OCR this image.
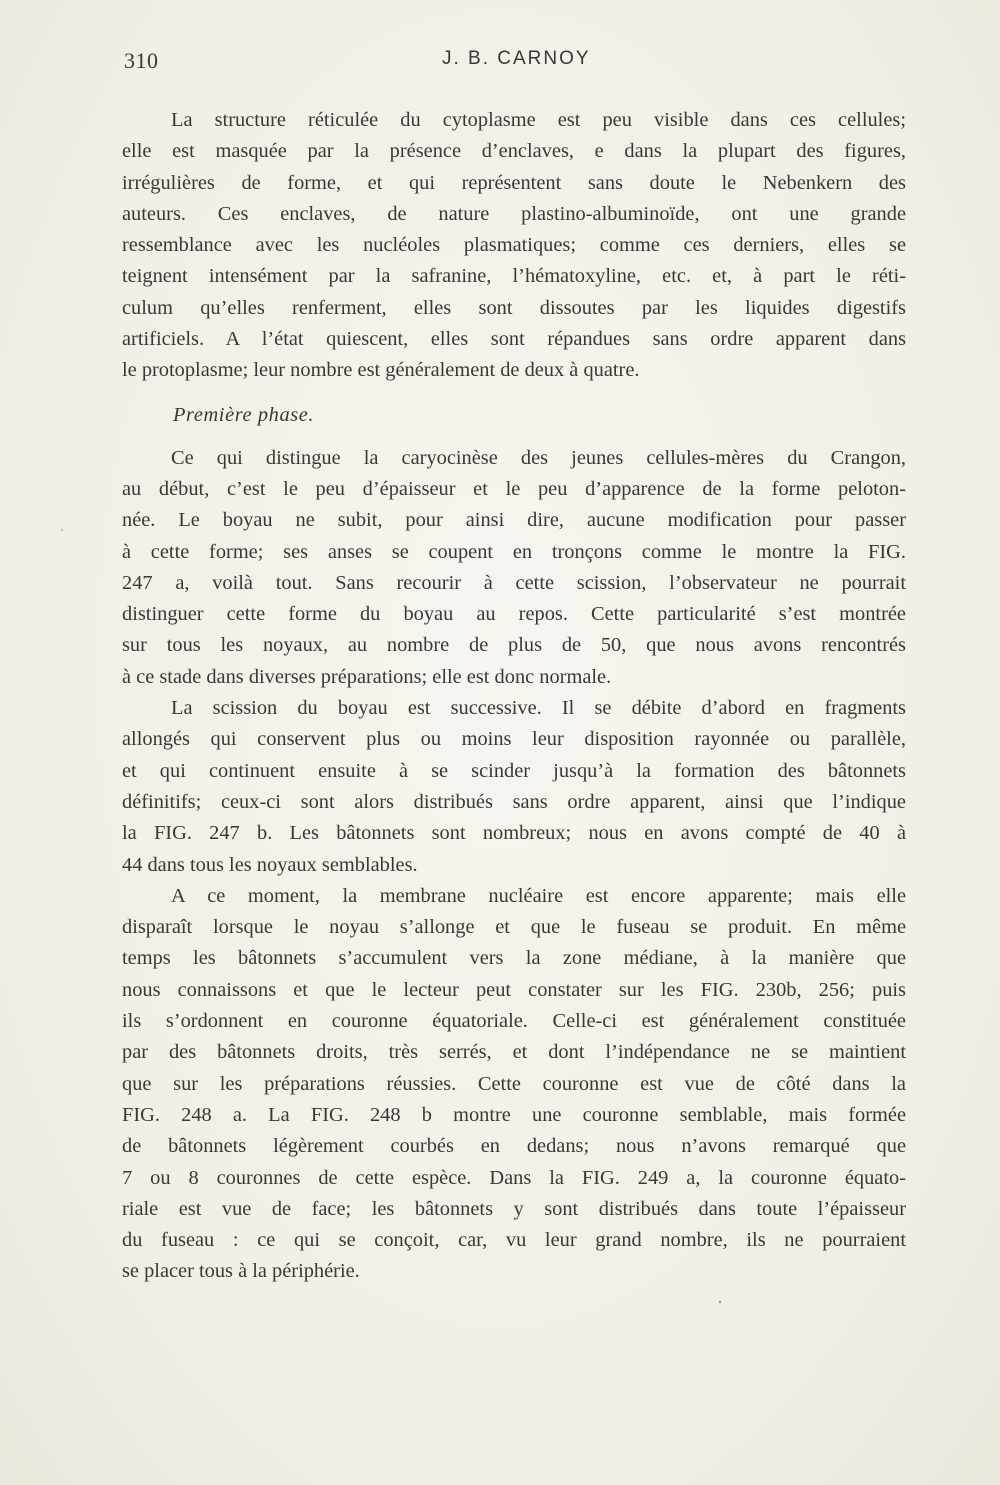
310	J. B. CARNOY
La structure réticulée du cytoplasme est peu visible dans ces cellules;
elle est masquée par la présence d’enclaves, e dans la plupart des figures,
irrégulières de forme, et qui représentent sans doute le Nebenkern des
auteurs. Ces enclaves, de nature plastino-albuminoïde, ont une grande
ressemblance avec les nucléoles plasmatiques; comme ces derniers, elles se
teignent intensément par la safranine, l’hématoxyline, etc. et, à part le réti-
culum qu’elles renferment, elles sont dissoutes par les liquides digestifs
artificiels. A l’état quiescent, elles sont répandues sans ordre apparent dans
le protoplasme; leur nombre est généralement de deux à quatre.
Première phase.
Ce qui distingue la caryocinèse des jeunes cellules-mères du Crangon,
au début, c’est le peu d’épaisseur et le peu d’apparence de la forme peloton-
née. Le boyau ne subit, pour ainsi dire, aucune modification pour passer
à cette forme; ses anses se coupent en tronçons comme le montre la FIG.
247 a, voilà tout. Sans recourir à cette scission, l’observateur ne pourrait
distinguer cette forme du boyau au repos. Cette particularité s’est montrée
sur tous les noyaux, au nombre de plus de 50, que nous avons rencontrés
à ce stade dans diverses préparations; elle est donc normale.
La scission du boyau est successive. Il se débite d’abord en fragments
allongés qui conservent plus ou moins leur disposition rayonnée ou parallèle,
et qui continuent ensuite à se scinder jusqu’à la formation des bâtonnets
définitifs; ceux-ci sont alors distribués sans ordre apparent, ainsi que l’indique
la FIG. 247 b. Les bâtonnets sont nombreux; nous en avons compté de 40 à
44 dans tous les noyaux semblables.
A ce moment, la membrane nucléaire est encore apparente; mais elle
disparaît lorsque le noyau s’allonge et que le fuseau se produit. En même
temps les bâtonnets s’accumulent vers la zone médiane, à la manière que
nous connaissons et que le lecteur peut constater sur les FIG. 230b, 256; puis
ils s’ordonnent en couronne équatoriale. Celle-ci est généralement constituée
par des bâtonnets droits, très serrés, et dont l’indépendance ne se maintient
que sur les préparations réussies. Cette couronne est vue de côté dans la
FIG. 248 a. La FIG. 248 b montre une couronne semblable, mais formée
de bâtonnets légèrement courbés en dedans; nous n’avons remarqué que
7 ou 8 couronnes de cette espèce. Dans la FIG. 249 a, la couronne équato-
riale est vue de face; les bâtonnets y sont distribués dans toute l’épaisseur
du fuseau : ce qui se conçoit, car, vu leur grand nombre, ils ne pourraient
se placer tous à la périphérie.
